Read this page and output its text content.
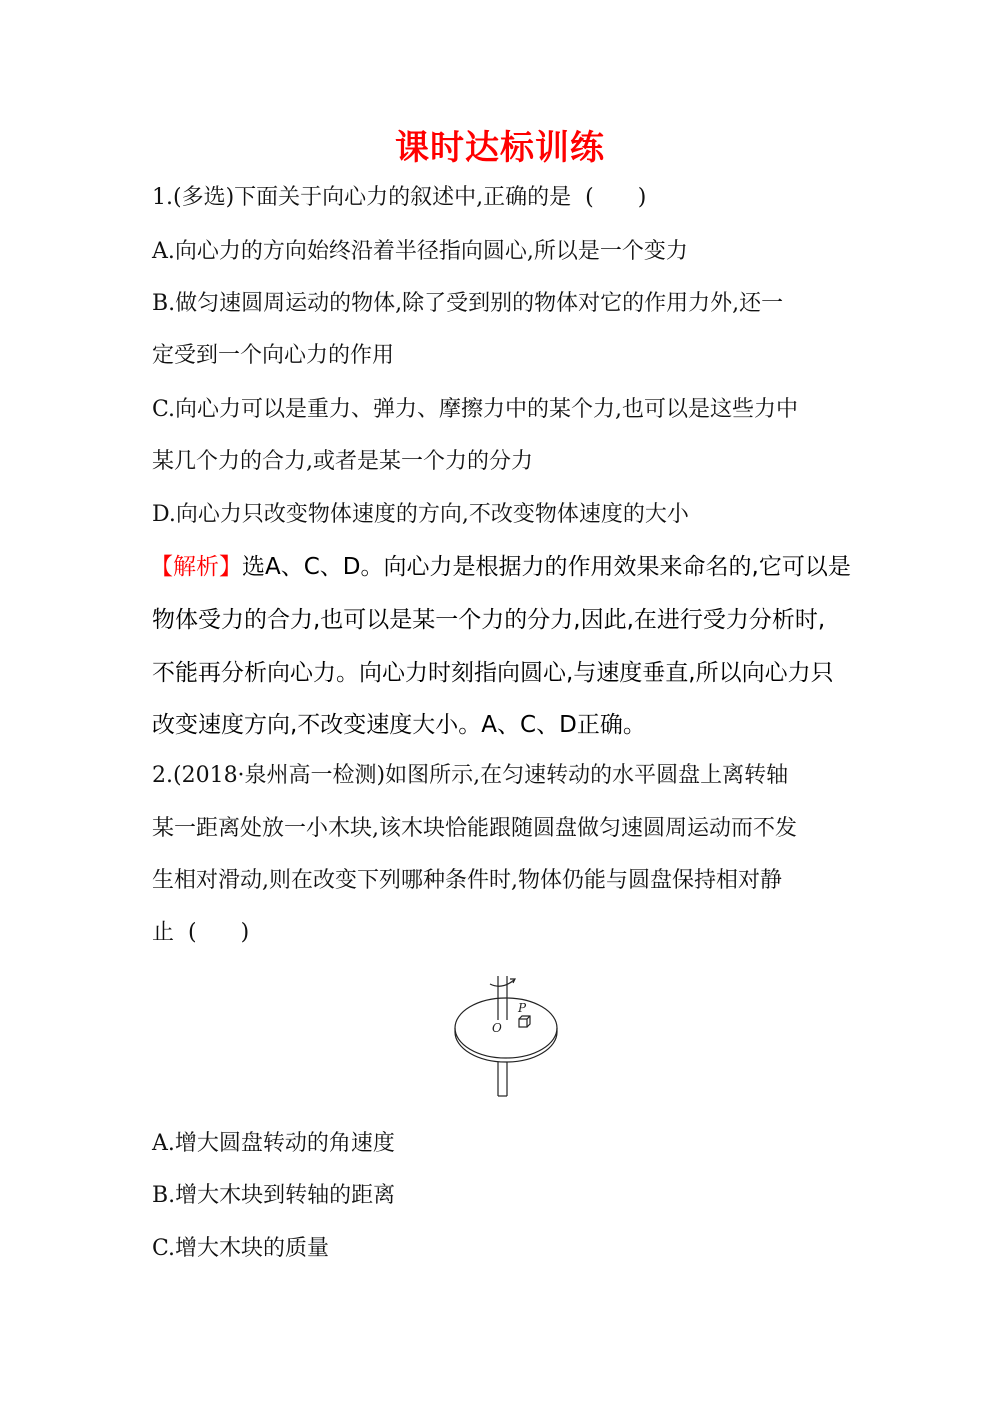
课时达标训练
1.(多选)下面关于向心力的叙述中,正确的是 (　　)
A.向心力的方向始终沿着半径指向圆心,所以是一个变力
B.做匀速圆周运动的物体,除了受到别的物体对它的作用力外,还一
定受到一个向心力的作用
C.向心力可以是重力、弹力、摩擦力中的某个力,也可以是这些力中
某几个力的合力,或者是某一个力的分力
D.向心力只改变物体速度的方向,不改变物体速度的大小
【解析】选A、C、D。向心力是根据力的作用效果来命名的,它可以是
物体受力的合力,也可以是某一个力的分力,因此,在进行受力分析时,
不能再分析向心力。向心力时刻指向圆心,与速度垂直,所以向心力只
改变速度方向,不改变速度大小。A、C、D正确。
2.(2018·泉州高一检测)如图所示,在匀速转动的水平圆盘上离转轴
某一距离处放一小木块,该木块恰能跟随圆盘做匀速圆周运动而不发
生相对滑动,则在改变下列哪种条件时,物体仍能与圆盘保持相对静
止 (　　)
O
P
A.增大圆盘转动的角速度
B.增大木块到转轴的距离
C.增大木块的质量
